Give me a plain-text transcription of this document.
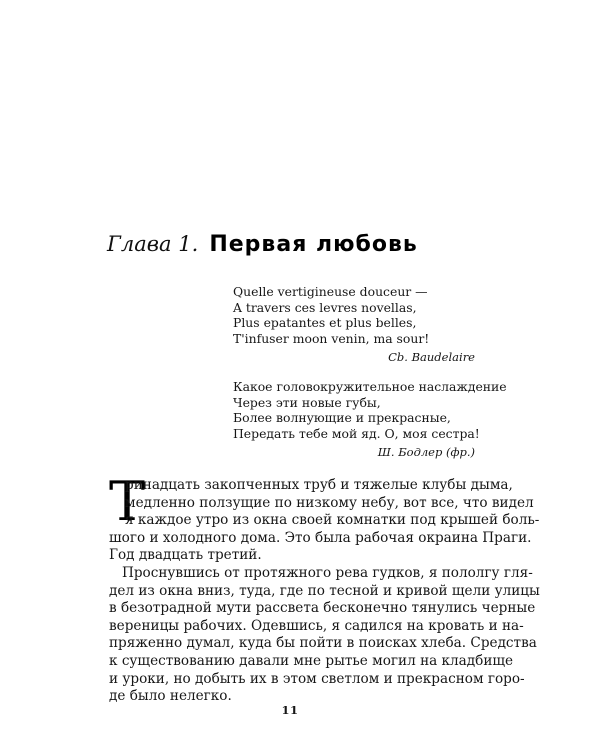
Глава 1. Первая любовь
Quelle vertigineuse douceur —
A travers ces levres novellas,
Plus epatantes et plus belles,
T'infuser moon venin, ma sour!
Cb. Baudelaire
Какое головокружительное наслаждение
Через эти новые губы,
Более волнующие и прекрасные,
Передать тебе мой яд. О, моя сестра!
Ш. Бодлер (фр.)
Т
ринадцать закопченных труб и тяжелые клубы дыма,
медленно ползущие по низкому небу, вот все, что видел
я каждое утро из окна своей комнатки под крышей боль-
шого и холодного дома. Это была рабочая окраина Праги.
Год двадцать третий.
Проснувшись от протяжного рева гудков, я пололгу гля-
дел из окна вниз, туда, где по тесной и кривой щели улицы
в безотрадной мути рассвета бесконечно тянулись черные
вереницы рабочих. Одевшись, я садился на кровать и на-
пряженно думал, куда бы пойти в поисках хлеба. Средства
к существованию давали мне рытье могил на кладбище
и уроки, но добыть их в этом светлом и прекрасном горо-
де было нелегко.
11
